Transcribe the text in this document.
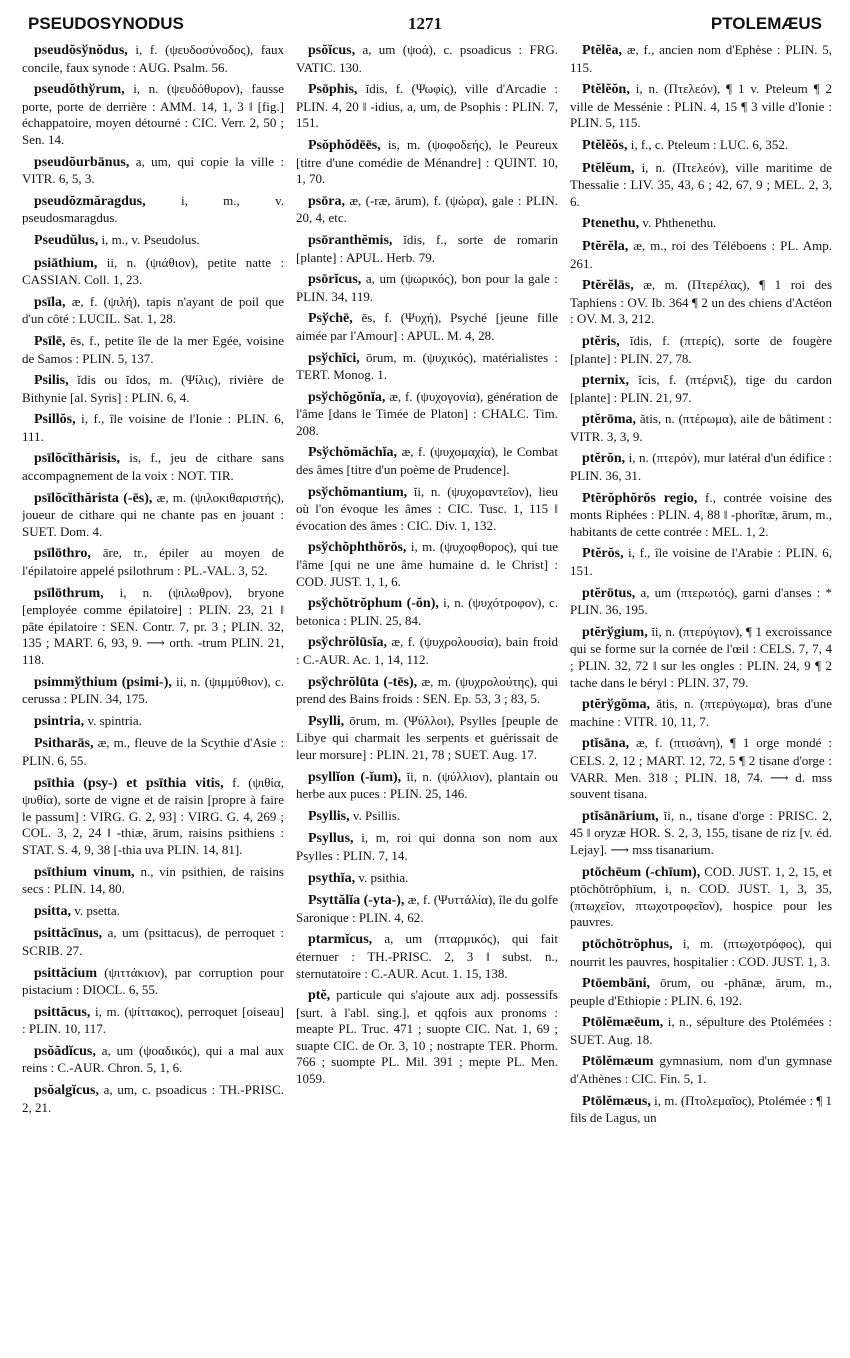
PSEUDOSYNODUS	1271	PTOLEMÆUS

pseudŏsўnŏdus, i, f. (ψευδοσύνοδος), faux concile, faux synode : AUG. Psalm. 56.

pseudŏthўrum, i, n. (ψευδόθυρον), fausse porte, porte de derrière : AMM. 14, 1, 3 ‖ [fig.] échappatoire, moyen détourné : CIC. Verr. 2, 50 ; Sen. 14.

pseudŏurbānus, a, um, qui copie la ville : VITR. 6, 5, 3.

pseudŏzmăragdus,	i, m., v. pseudosmaragdus.

Pseudŭlus, i, m., v. Pseudolus.

psiāthium, ii, n. (ψιάθιον), petite natte : CASSIAN. Coll. 1, 23.

psīla, æ, f. (ψιλή), tapis n'ayant de poil que d'un côté : LUCIL. Sat. 1, 28.

Psīlē, ēs, f., petite île de la mer Egée, voisine de Samos : PLIN. 5, 137.

Psilis, ĭdis ou ĭdos, m. (Ψίλις), rivière de Bithynie [al. Syris] : PLIN. 6, 4.

Psillŏs, i, f., île voisine de l'Ionie : PLIN. 6, 111.

psīlŏcĭthărisis, is, f., jeu de cithare sans accompagnement de la voix : NOT. TIR.

psīlŏcĭthărista (-ēs), æ, m. (ψιλοκιθαριστής), joueur de cithare qui ne chante pas en jouant : SUET. Dom. 4.

psīlōthro, āre, tr., épiler au moyen de l'épilatoire appelé psilothrum : PL.-VAL. 3, 52.

psīlōthrum, i, n. (ψιλωθρον), bryone [employée comme épilatoire] : PLIN. 23, 21 ‖ pâte épilatoire : SEN. Contr. 7, pr. 3 ; PLIN. 32, 135 ; MART. 6, 93, 9. ⟶ orth. -trum PLIN. 21, 118.

psimmўthium (psimi-), ii, n. (ψιμμύθιον), c. cerussa : PLIN. 34, 175.

psintria, v. spintria.

Psitharās, æ, m., fleuve de la Scythie d'Asie : PLIN. 6, 55.

psīthia (psy-) et psīthia vitis, f. (ψιθία, ψυθία), sorte de vigne et de raisin [propre à faire le passum] : VIRG. G. 2, 93] : VIRG. G. 4, 269 ; COL. 3, 2, 24 ‖ -thiæ, ārum, raisins psithiens : STAT. S. 4, 9, 38 [-thia uva PLIN. 14, 81].

psīthium vinum, n., vin psithien, de raisins secs : PLIN. 14, 80.

psitta, v. psetta.

psittăcīnus, a, um (psittacus), de perroquet : SCRIB. 27.

psittăcium (ψιττάκιον), par corruption pour pistacium : DIOCL. 6, 55.

psittăcus, i, m. (ψίττακος), perroquet [oiseau] : PLIN. 10, 117.

psŏădĭcus, a, um (ψοαδικός), qui a mal aux reins : C.-AUR. Chron. 5, 1, 6.

psŏalgĭcus, a, um, c. psoadicus : TH.-PRISC. 2, 21.

psŏĭcus, a, um (ψοά), c. psoadicus : FRG. VATIC. 130.

Psōphis, ĭdis, f. (Ψωφίς), ville d'Arcadie : PLIN. 4, 20 ‖ -idius, a, um, de Psophis : PLIN. 7, 151.

Psŏphŏdēēs, is, m. (ψοφοδεής), le Peureux [titre d'une comédie de Ménandre] : QUINT. 10, 1, 70.

psōra, æ, (-ræ, ārum), f. (ψώρα), gale : PLIN. 20, 4, etc.

psōranthĕmis, ĭdis, f., sorte de romarin [plante] : APUL. Herb. 79.

psōrĭcus, a, um (ψωρικός), bon pour la gale : PLIN. 34, 119.

Psўchē, ēs, f. (Ψυχή), Psyché [jeune fille aimée par l'Amour] : APUL. M. 4, 28.

psўchĭci, ōrum, m. (ψυχικός), matérialistes : TERT. Monog. 1.

psўchŏgŏnĭa, æ, f. (ψυχογονία), génération de l'âme [dans le Timée de Platon] : CHALC. Tim. 208.

Psўchŏmăchĭa, æ, f. (ψυχομαχία), le Combat des âmes [titre d'un poème de Prudence].

psўchŏmantium, ĭi, n. (ψυχομαντεῖον), lieu où l'on évoque les âmes : CIC. Tusc. 1, 115 ‖ évocation des âmes : CIC. Div. 1, 132.

psўchŏphthŏrŏs, i, m. (ψυχοφθορος), qui tue l'âme [qui ne une âme humaine d. le Christ] : COD. JUST. 1, 1, 6.

psўchŏtrŏphum (-ŏn), i, n. (ψυχότροφον), c. betonica : PLIN. 25, 84.

psўchrŏlūsĭa, æ, f. (ψυχρολουσία), bain froid : C.-AUR. Ac. 1, 14, 112.

psўchrŏlūta (-tēs), æ, m. (ψυχρολούτης), qui prend des Bains froids : SEN. Ep. 53, 3 ; 83, 5.

Psylli, ōrum, m. (Ψύλλοι), Psylles [peuple de Libye qui charmait les serpents et guérissait de leur morsure] : PLIN. 21, 78 ; SUET. Aug. 17.

psyllĭon (-ĭum), ĭi, n. (ψύλλιον), plantain ou herbe aux puces : PLIN. 25, 146.

Psyllis, v. Psillis.

Psyllus, i, m, roi qui donna son nom aux Psylles : PLIN. 7, 14.

psythĭa, v. psithia.

Psyttălĭa (-yta-), æ, f. (Ψυττάλία), île du golfe Saronique : PLIN. 4, 62.

ptarmĭcus, a, um (πταρμικός), qui fait éternuer : TH.-PRISC. 2, 3 ‖ subst. n., sternutatoire : C.-AUR. Acut. 1. 15, 138.

ptĕ, particule qui s'ajoute aux adj. possessifs [surt. à l'abl. sing.], et qqfois aux pronoms : meapte PL. Truc. 471 ; suopte CIC. Nat. 1, 69 ; suapte CIC. de Or. 3, 10 ; nostrapte TER. Phorm. 766 ; suompte PL. Mil. 391 ; mepte PL. Men. 1059.

Ptĕlĕa, æ, f., ancien nom d'Ephèse : PLIN. 5, 115.

Ptĕlĕŏn, i, n. (Πτελεόν), ¶ 1 v. Pteleum ¶ 2 ville de Messénie : PLIN. 4, 15 ¶ 3 ville d'Ionie : PLIN. 5, 115.

Ptĕlĕŏs, i, f., c. Pteleum : LUC. 6, 352.

Ptĕlĕum, i, n. (Πτελεόν), ville maritime de Thessalie : LIV. 35, 43, 6 ; 42, 67, 9 ; MEL. 2, 3, 6.

Ptenethu, v. Phthenethu.

Ptĕrĕla, æ, m., roi des Téléboens : PL. Amp. 261.

Ptĕrĕlās, æ, m. (Πτερέλας), ¶ 1 roi des Taphiens : OV. Ib. 364 ¶ 2 un des chiens d'Actéon : OV. M. 3, 212.

ptĕris, ĭdis, f. (πτερίς), sorte de fougère [plante] : PLIN. 27, 78.

pternix, ĭcis, f. (πτέρνιξ), tige du cardon [plante] : PLIN. 21, 97.

ptĕrōma, ătis, n. (πτέρωμα), aile de bâtiment : VITR. 3, 3, 9.

ptĕrŏn, i, n. (πτερόν), mur latéral d'un édifice : PLIN. 36, 31.

Ptĕrŏphŏrŏs regio, f., contrée voisine des monts Riphées : PLIN. 4, 88 ‖ -phorĭtæ, ārum, m., habitants de cette contrée : MEL. 1, 2.

Ptĕrŏs, i, f., île voisine de l'Arabie : PLIN. 6, 151.

ptĕrōtus, a, um (πτερωτός), garni d'anses : * PLIN. 36, 195.

ptĕrўgium, ĭi, n. (πτερύγιον), ¶ 1 excroissance qui se forme sur la cornée de l'œil : CELS. 7, 7, 4 ; PLIN. 32, 72 ‖ sur les ongles : PLIN. 24, 9 ¶ 2 tache dans le béryl : PLIN. 37, 79.

ptĕrўgŏma, ătis, n. (πτερύγωμα), bras d'une machine : VITR. 10, 11, 7.

ptĭsāna, æ, f. (πτισάνη), ¶ 1 orge mondé : CELS. 2, 12 ; MART. 12, 72, 5 ¶ 2 tisane d'orge : VARR. Men. 318 ; PLIN. 18, 74. ⟶ d. mss souvent tisana.

ptĭsānārium, ĭi, n., tisane d'orge : PRISC. 2, 45 ‖ oryzæ HOR. S. 2, 3, 155, tisane de riz [v. éd. Lejay]. ⟶ mss tisanarium.

ptōchēum (-chīum), COD. JUST. 1, 2, 15, et ptōchŏtrŏphīum, i, n. COD. JUST. 1, 3, 35, (πτωχεῖον, πτωχοτροφεῖον), hospice pour les pauvres.

ptōchŏtrŏphus, i, m. (πτωχοτρόφος), qui nourrit les pauvres, hospitalier : COD. JUST. 1, 3.

Ptōembāni, ōrum, ou -phānæ, ārum, m., peuple d'Ethiopie : PLIN. 6, 192.

Ptōlĕmæēum, i, n., sépulture des Ptolémées : SUET. Aug. 18.

Ptōlĕmæum gymnasium, nom d'un gymnase d'Athènes : CIC. Fin. 5, 1.

Ptōlĕmæus, i, m. (Πτολεμαῖος), Ptolémée : ¶ 1 fils de Lagus, un
